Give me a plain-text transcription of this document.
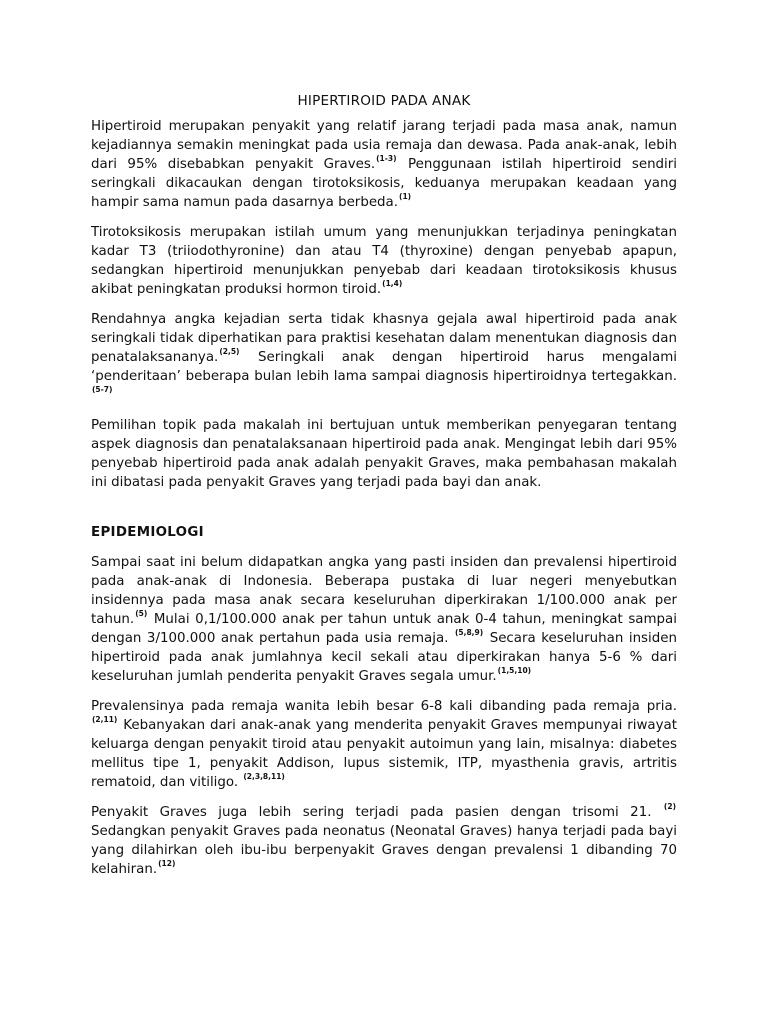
HIPERTIROID PADA ANAK

Hipertiroid merupakan penyakit yang relatif jarang terjadi pada masa anak, namun kejadiannya semakin meningkat pada usia remaja dan dewasa. Pada anak-anak, lebih dari 95% disebabkan penyakit Graves.$^{(1-3)}$ Penggunaan istilah hipertiroid sendiri seringkali dikacaukan dengan tirotoksikosis, keduanya merupakan keadaan yang hampir sama namun pada dasarnya berbeda.$^{(1)}$

Tirotoksikosis merupakan istilah umum yang menunjukkan terjadinya peningkatan kadar T3 (triiodothyronine) dan atau T4 (thyroxine) dengan penyebab apapun, sedangkan hipertiroid menunjukkan penyebab dari keadaan tirotoksikosis khusus akibat peningkatan produksi hormon tiroid.$^{(1,4)}$

Rendahnya angka kejadian serta tidak khasnya gejala awal hipertiroid pada anak seringkali tidak diperhatikan para praktisi kesehatan dalam menentukan diagnosis dan penatalaksananya.$^{(2,5)}$ Seringkali anak dengan hipertiroid harus mengalami ‘penderitaan’ beberapa bulan lebih lama sampai diagnosis hipertiroidnya tertegakkan.$^{(5-7)}$

Pemilihan topik pada makalah ini bertujuan untuk memberikan penyegaran tentang aspek diagnosis dan penatalaksanaan hipertiroid pada anak. Mengingat lebih dari 95% penyebab hipertiroid pada anak adalah penyakit Graves, maka pembahasan makalah ini dibatasi pada penyakit Graves yang terjadi pada bayi dan anak.

EPIDEMIOLOGI

Sampai saat ini belum didapatkan angka yang pasti insiden dan prevalensi hipertiroid pada anak-anak di Indonesia. Beberapa pustaka di luar negeri menyebutkan insidennya pada masa anak secara keseluruhan diperkirakan 1/100.000 anak per tahun.$^{(5)}$ Mulai 0,1/100.000 anak per tahun untuk anak 0-4 tahun, meningkat sampai dengan 3/100.000 anak pertahun pada usia remaja. $^{(5,8,9)}$ Secara keseluruhan insiden hipertiroid pada anak jumlahnya kecil sekali atau diperkirakan hanya 5-6 % dari keseluruhan jumlah penderita penyakit Graves segala umur.$^{(1,5,10)}$

Prevalensinya pada remaja wanita lebih besar 6-8 kali dibanding pada remaja pria. $^{(2,11)}$ Kebanyakan dari anak-anak yang menderita penyakit Graves mempunyai riwayat keluarga dengan penyakit tiroid atau penyakit autoimun yang lain, misalnya: diabetes mellitus tipe 1, penyakit Addison, lupus sistemik, ITP, myasthenia gravis, artritis rematoid, dan vitiligo. $^{(2,3,8,11)}$

Penyakit Graves juga lebih sering terjadi pada pasien dengan trisomi 21. $^{(2)}$ Sedangkan penyakit Graves pada neonatus (Neonatal Graves) hanya terjadi pada bayi yang dilahirkan oleh ibu-ibu berpenyakit Graves dengan prevalensi 1 dibanding 70 kelahiran.$^{(12)}$
